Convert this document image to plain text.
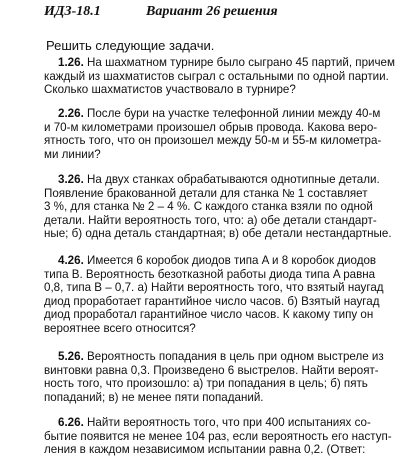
ИДЗ-18.1	Вариант 26 решения
Решить следующие задачи.
1.26. На шахматном турнире было сыграно 45 партий, причем
каждый из шахматистов сыграл с остальными по одной партии.
Сколько шахматистов участвовало в турнире?
2.26. После бури на участке телефонной линии между 40-м
и 70-м километрами произошел обрыв провода. Какова веро-
ятность того, что он произошел между 50-м и 55-м километра-
ми линии?
3.26. На двух станках обрабатываются однотипные детали.
Появление бракованной детали для станка № 1 составляет
3 %, для станка № 2 – 4 %. С каждого станка взяли по одной
детали. Найти вероятность того, что: а) обе детали стандарт-
ные; б) одна деталь стандартная; в) обе детали нестандартные.
4.26. Имеется 6 коробок диодов типа A и 8 коробок диодов
типа B. Вероятность безотказной работы диода типа A равна
0,8, типа B – 0,7. а) Найти вероятность того, что взятый наугад
диод проработает гарантийное число часов. б) Взятый наугад
диод проработал гарантийное число часов. К какому типу он
вероятнее всего относится?
5.26. Вероятность попадания в цель при одном выстреле из
винтовки равна 0,3. Произведено 6 выстрелов. Найти вероят-
ность того, что произошло: а) три попадания в цель; б) пять
попаданий; в) не менее пяти попаданий.
6.26. Найти вероятность того, что при 400 испытаниях со-
бытие появится не менее 104 раз, если вероятность его наступ-
ления в каждом независимом испытании равна 0,2. (Ответ:
